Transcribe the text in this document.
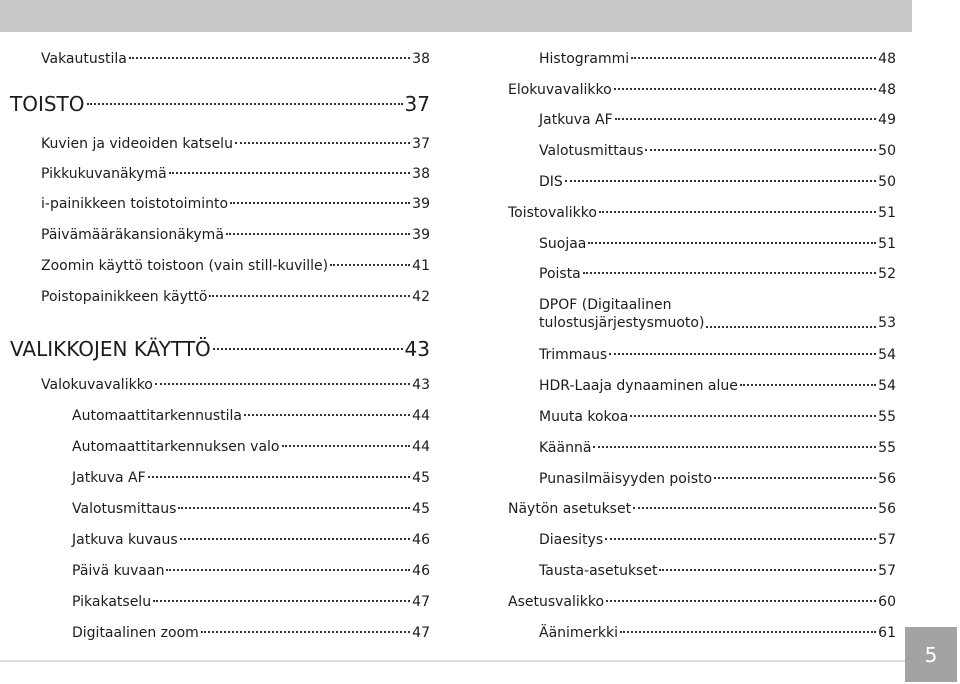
5
Vakautustila	38
TOISTO	37
Kuvien ja videoiden katselu	37
Pikkukuvanäkymä	38
i-painikkeen toistotoiminto	39
Päivämääräkansionäkymä	39
Zoomin käyttö toistoon (vain still-kuville)	41
Poistopainikkeen käyttö	42
VALIKKOJEN KÄYTTÖ	43
Valokuvavalikko	43
Automaattitarkennustila	44
Automaattitarkennuksen valo	44
Jatkuva AF	45
Valotusmittaus	45
Jatkuva kuvaus	46
Päivä kuvaan	46
Pikakatselu	47
Digitaalinen zoom	47
Histogrammi	48
Elokuvavalikko	48
Jatkuva AF	49
Valotusmittaus	50
DIS	50
Toistovalikko	51
Suojaa	51
Poista	52
DPOF (Digitaalinen
tulostusjärjestysmuoto)	53
Trimmaus	54
HDR-Laaja dynaaminen alue	54
Muuta kokoa	55
Käännä	55
Punasilmäisyyden poisto	56
Näytön asetukset	56
Diaesitys	57
Tausta-asetukset	57
Asetusvalikko	60
Äänimerkki	61
